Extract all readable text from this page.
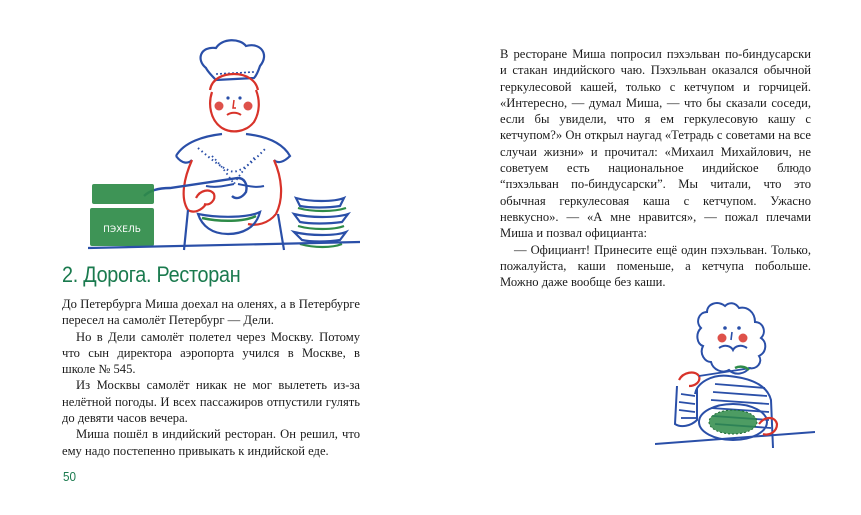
ПЭХЕЛЬ
2. Дорога. Ресторан

До Петербурга Миша доехал на оленях, а в Петербурге пересел на самолёт Петербург — Дели.

Но в Дели самолёт полетел через Москву. Потому что сын директора аэропорта учился в Москве, в школе № 545.

Из Москвы самолёт никак не мог вылететь из-за нелётной погоды. И всех пассажиров отпустили гулять до девяти часов вечера.

Миша пошёл в индийский ресторан. Он решил, что ему надо постепенно привыкать к индийской еде.

50

В ресторане Миша попросил пэхэльван по-биндусарски и стакан индийского чаю. Пэхэльван оказался обычной геркулесовой кашей, только с кетчупом и горчицей. «Интересно, — думал Миша, — что бы сказали соседи, если бы увидели, что я ем геркулесовую кашу с кетчупом?» Он открыл наугад «Тетрадь с советами на все случаи жизни» и прочитал: «Михаил Михайлович, не советуем есть национальное индийское блюдо “пэхэльван по-биндусарски”. Мы читали, что это обычная геркулесовая каша с кетчупом. Ужасно невкусно». — «А мне нравится», — пожал плечами Миша и позвал официанта:

— Официант! Принесите ещё один пэхэльван. Только, пожалуйста, каши поменьше, а кетчупа побольше. Можно даже вообще без каши.
